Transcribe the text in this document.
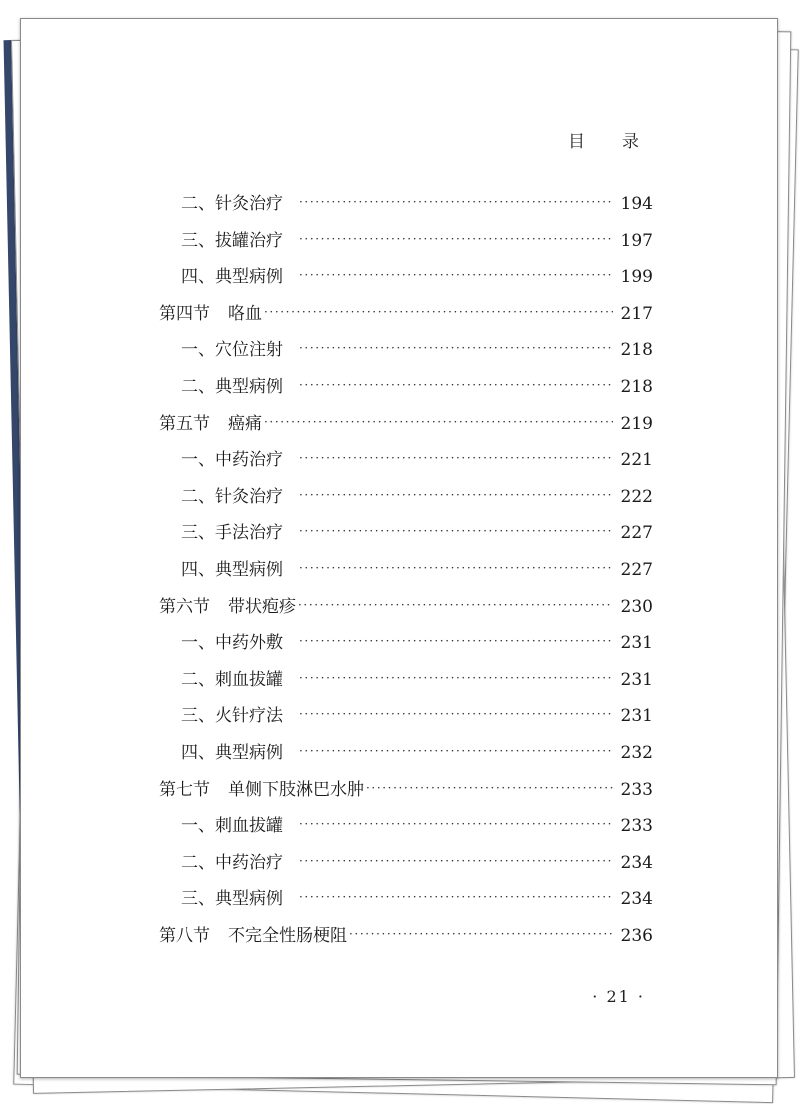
目　录
二、针灸治疗 ·····	194
三、拔罐治疗 ·····	197
四、典型病例 ·····	199
第四节 咯血 ·····	217
一、穴位注射 ·····	218
二、典型病例 ·····	218
第五节 癌痛 ·····	219
一、中药治疗 ·····	221
二、针灸治疗 ·····	222
三、手法治疗 ·····	227
四、典型病例 ·····	227
第六节 带状疱疹 ·····	230
一、中药外敷 ·····	231
二、刺血拔罐 ·····	231
三、火针疗法 ·····	231
四、典型病例 ·····	232
第七节 单侧下肢淋巴水肿 ·····	233
一、刺血拔罐 ·····	233
二、中药治疗 ·····	234
三、典型病例 ·····	234
第八节 不完全性肠梗阻 ·····	236
· 21 ·
